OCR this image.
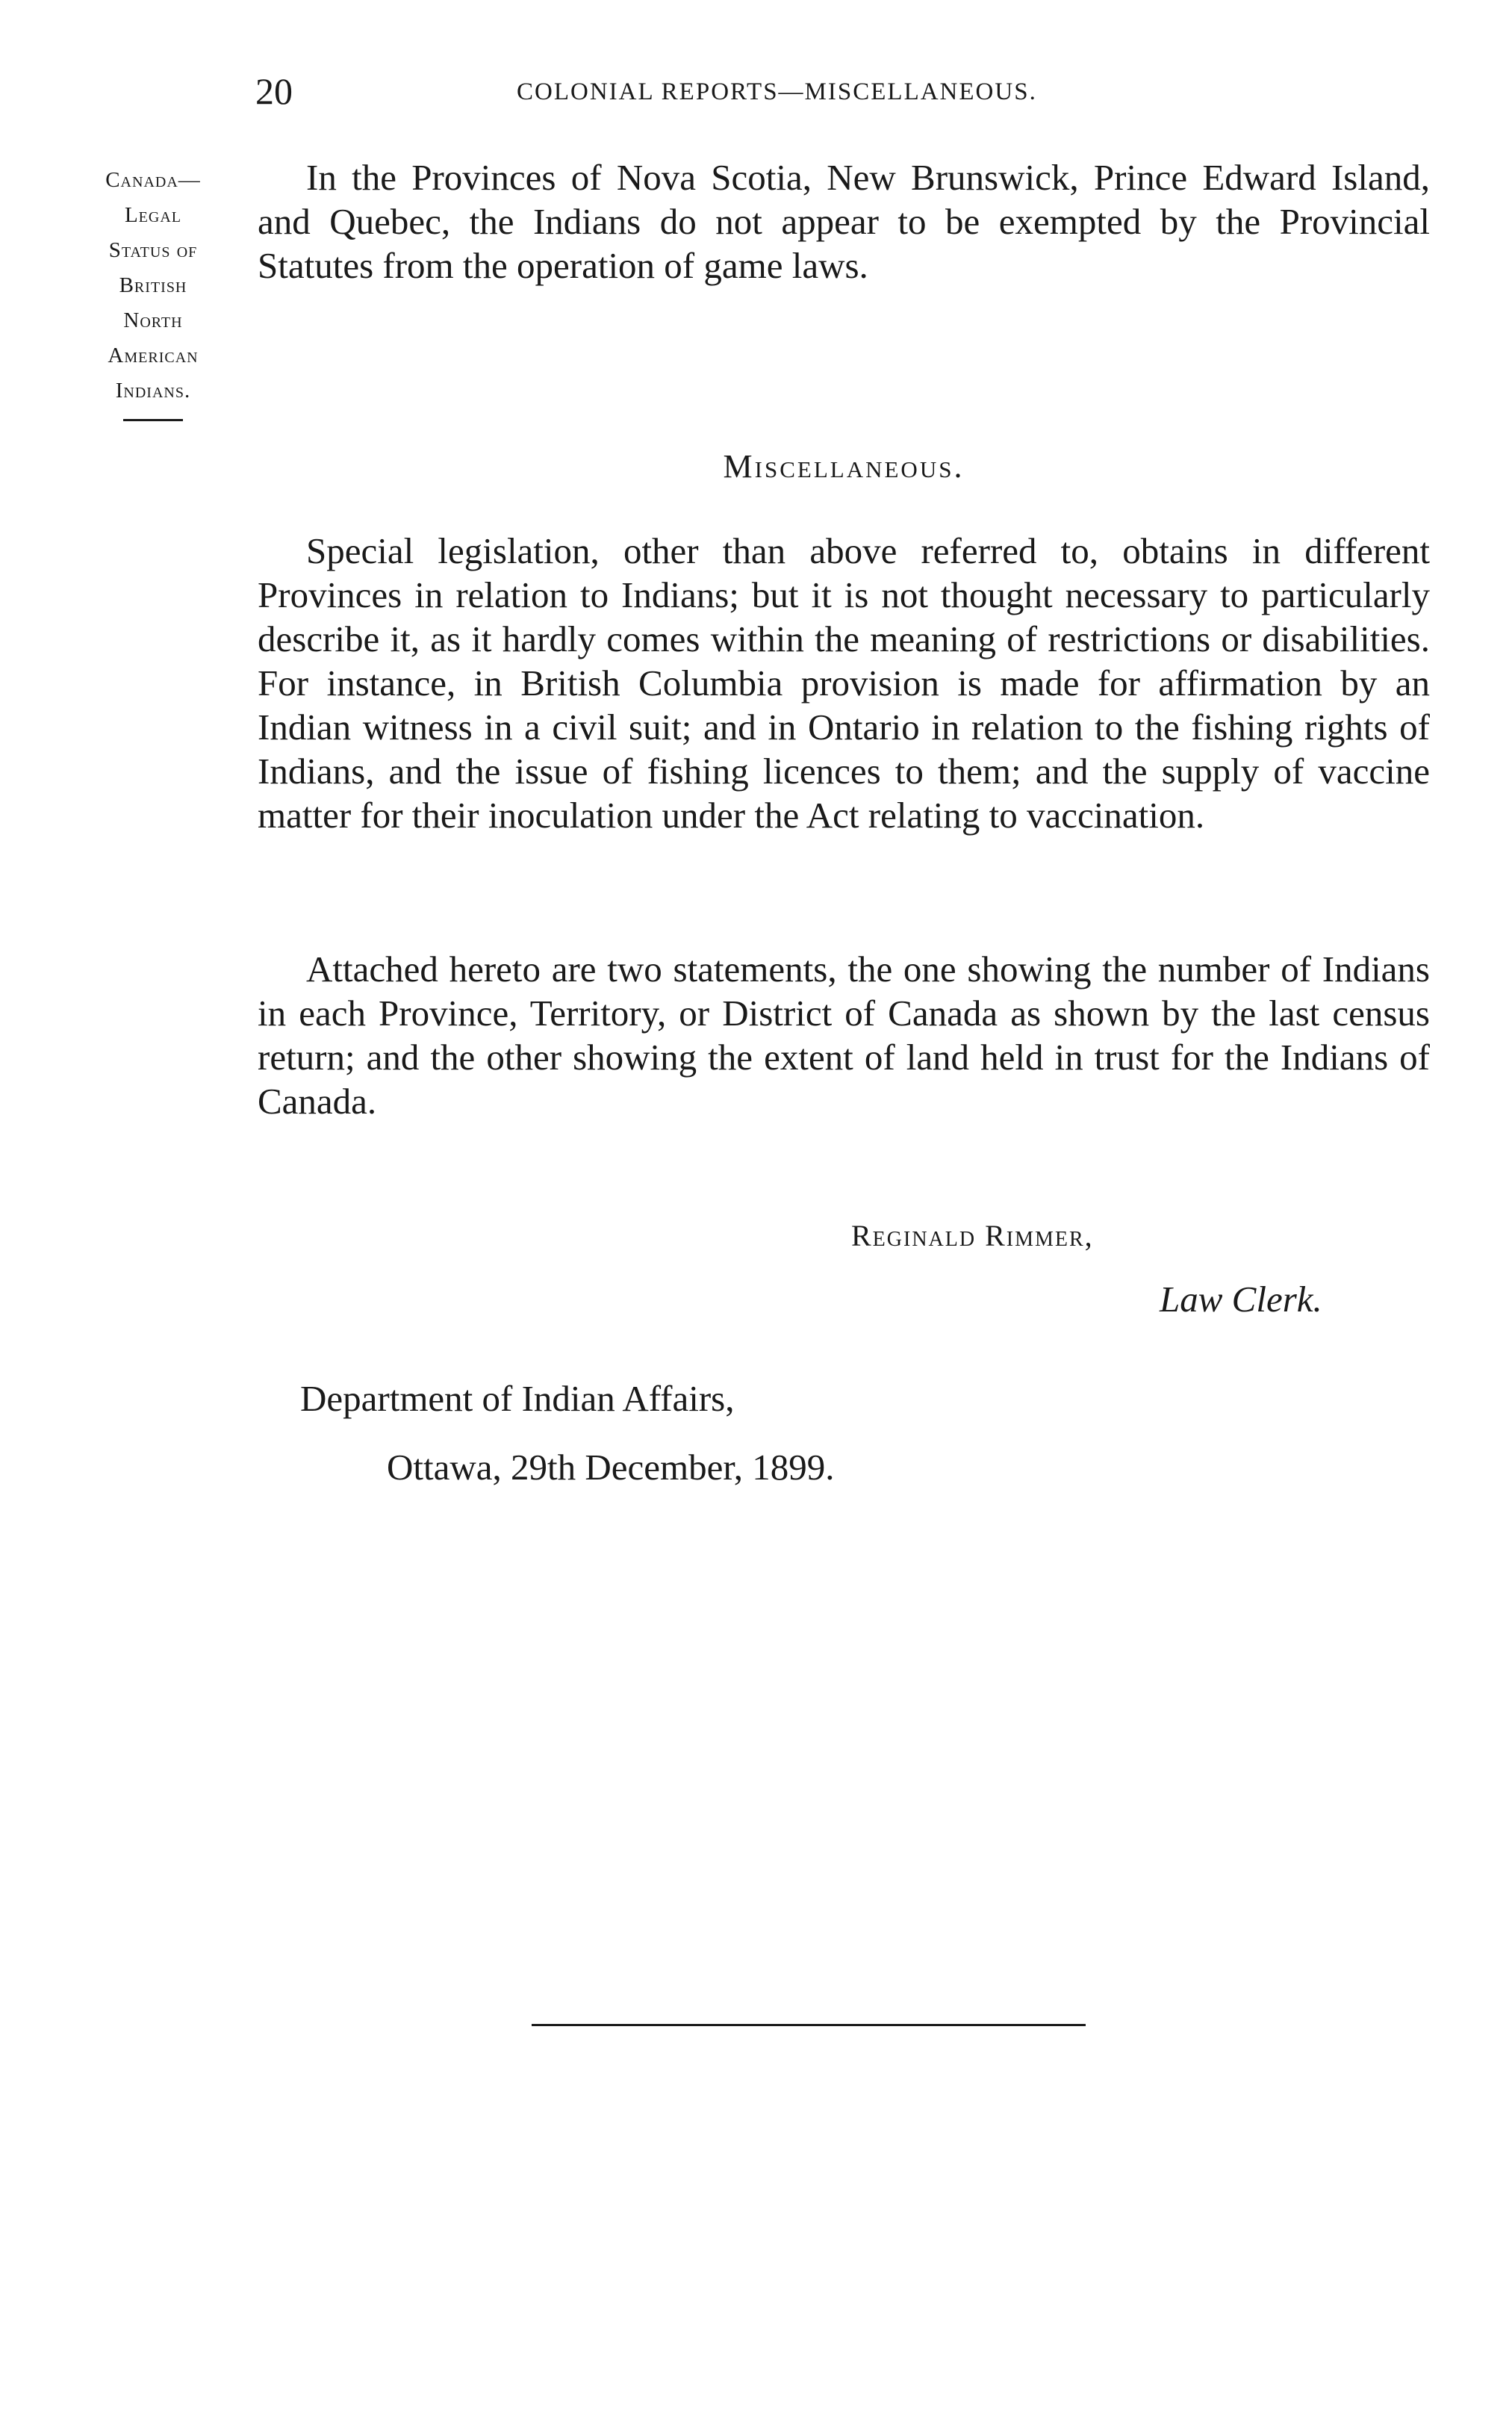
20	COLONIAL REPORTS—MISCELLANEOUS.
Canada—
Legal
Status of
British
North
American
Indians.

In the Provinces of Nova Scotia, New Brunswick, Prince Edward Island, and Quebec, the Indians do not appear to be exempted by the Provincial Statutes from the operation of game laws.

Miscellaneous.

Special legislation, other than above referred to, obtains in different Provinces in relation to Indians; but it is not thought necessary to particularly describe it, as it hardly comes within the meaning of restrictions or disabilities. For instance, in British Columbia provision is made for affirmation by an Indian witness in a civil suit; and in Ontario in relation to the fishing rights of Indians, and the issue of fishing licences to them; and the supply of vaccine matter for their inoculation under the Act relating to vaccination.

Attached hereto are two statements, the one showing the number of Indians in each Province, Territory, or District of Canada as shown by the last census return; and the other showing the extent of land held in trust for the Indians of Canada.

Reginald Rimmer,
Law Clerk.
Department of Indian Affairs,
Ottawa, 29th December, 1899.
